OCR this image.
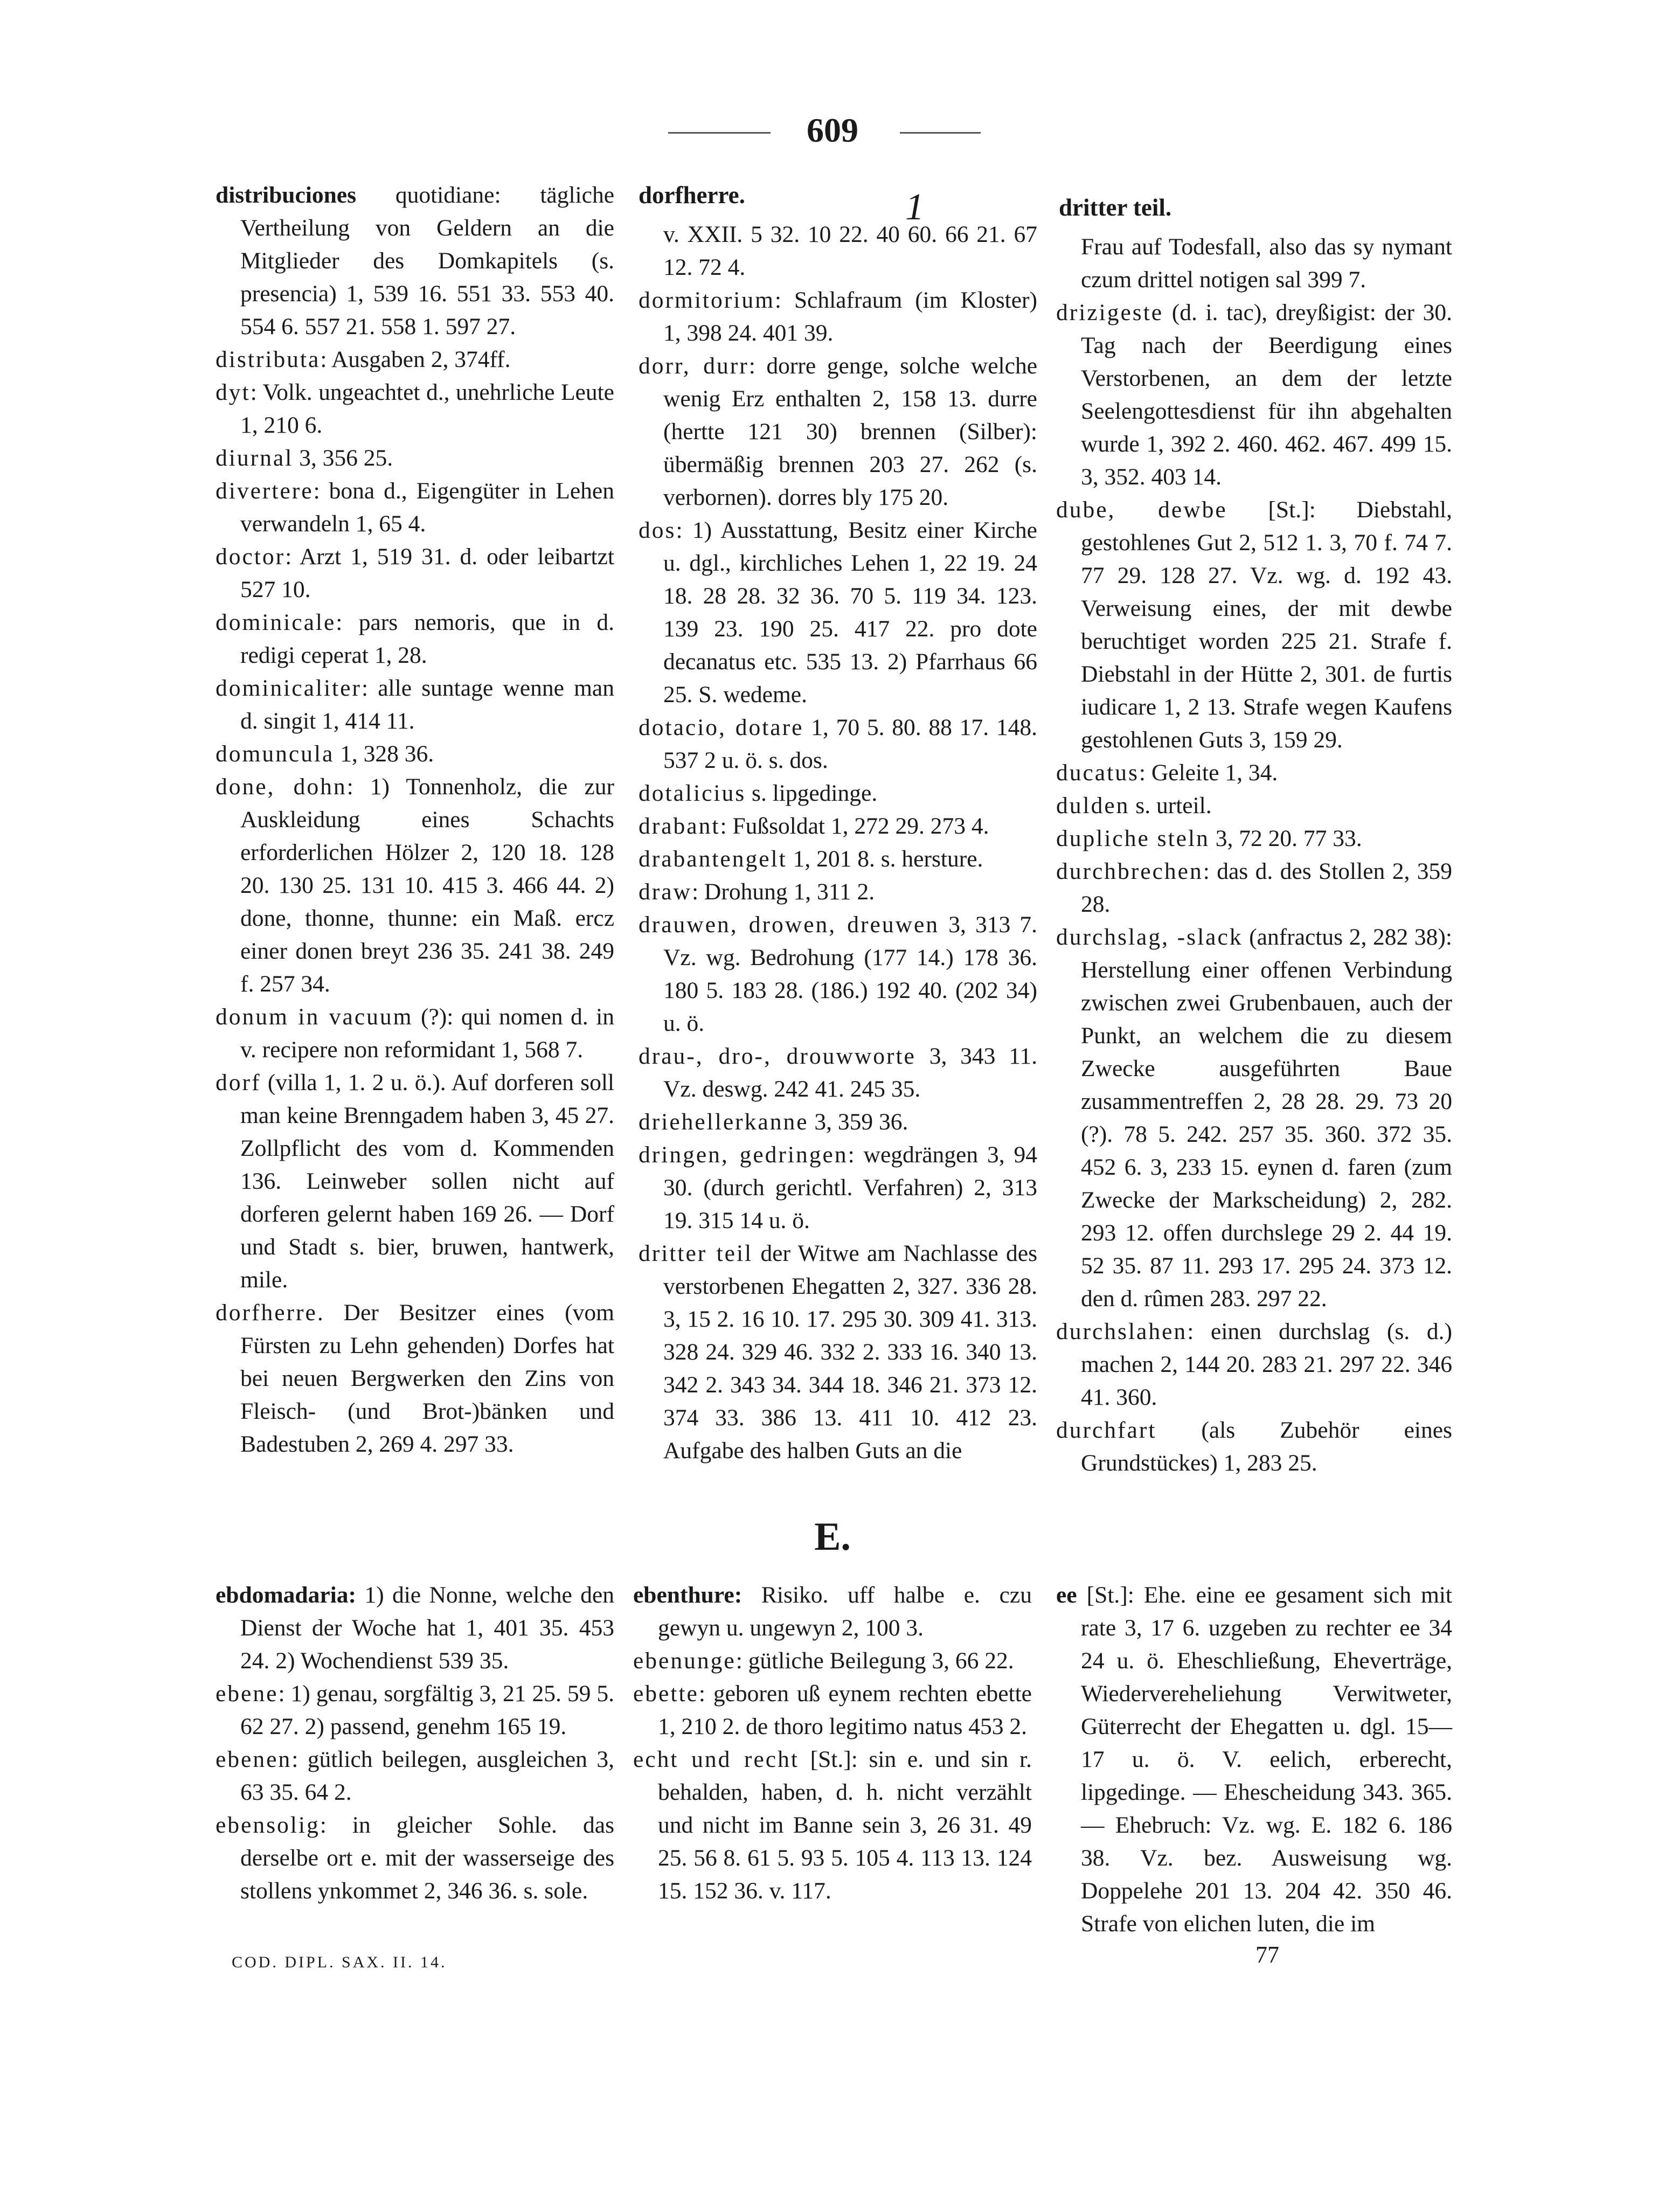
609
1

distribuciones quotidiane: tägliche Vertheilung von Geldern an die Mitglieder des Domkapitels (s. presencia) 1, 539 16. 551 33. 553 40. 554 6. 557 21. 558 1. 597 27.

distributa: Ausgaben 2, 374ff.

dyt: Volk. ungeachtet d., unehrliche Leute 1, 210 6.

diurnal 3, 356 25.

divertere: bona d., Eigengüter in Lehen verwandeln 1, 65 4.

doctor: Arzt 1, 519 31. d. oder leibartzt 527 10.

dominicale: pars nemoris, que in d. redigi ceperat 1, 28.

dominicaliter: alle suntage wenne man d. singit 1, 414 11.

domuncula 1, 328 36.

done, dohn: 1) Tonnenholz, die zur Auskleidung eines Schachts erforderlichen Hölzer 2, 120 18. 128 20. 130 25. 131 10. 415 3. 466 44. 2) done, thonne, thunne: ein Maß. ercz einer donen breyt 236 35. 241 38. 249 f. 257 34.

donum in vacuum (?): qui nomen d. in v. recipere non reformidant 1, 568 7.

dorf (villa 1, 1. 2 u. ö.). Auf dorferen soll man keine Brenngadem haben 3, 45 27. Zollpflicht des vom d. Kommenden 136. Leinweber sollen nicht auf dorferen gelernt haben 169 26. — Dorf und Stadt s. bier, bruwen, hantwerk, mile.

dorfherre. Der Besitzer eines (vom Fürsten zu Lehn gehenden) Dorfes hat bei neuen Bergwerken den Zins von Fleisch- (und Brot-)bänken und Badestuben 2, 269 4. 297 33.

dorfherre.

v. XXII. 5 32. 10 22. 40 60. 66 21. 67 12. 72 4.

dormitorium: Schlafraum (im Kloster) 1, 398 24. 401 39.

dorr, durr: dorre genge, solche welche wenig Erz enthalten 2, 158 13. durre (hertte 121 30) brennen (Silber): übermäßig brennen 203 27. 262 (s. verbornen). dorres bly 175 20.

dos: 1) Ausstattung, Besitz einer Kirche u. dgl., kirchliches Lehen 1, 22 19. 24 18. 28 28. 32 36. 70 5. 119 34. 123. 139 23. 190 25. 417 22. pro dote decanatus etc. 535 13. 2) Pfarrhaus 66 25. S. wedeme.

dotacio, dotare 1, 70 5. 80. 88 17. 148. 537 2 u. ö. s. dos.

dotalicius s. lipgedinge.

drabant: Fußsoldat 1, 272 29. 273 4.

drabantengelt 1, 201 8. s. hersture.

draw: Drohung 1, 311 2.

drauwen, drowen, dreuwen 3, 313 7. Vz. wg. Bedrohung (177 14.) 178 36. 180 5. 183 28. (186.) 192 40. (202 34) u. ö.

drau-, dro-, drouwworte 3, 343 11. Vz. deswg. 242 41. 245 35.

driehellerkanne 3, 359 36.

dringen, gedringen: wegdrängen 3, 94 30. (durch gerichtl. Verfahren) 2, 313 19. 315 14 u. ö.

dritter teil der Witwe am Nachlasse des verstorbenen Ehegatten 2, 327. 336 28. 3, 15 2. 16 10. 17. 295 30. 309 41. 313. 328 24. 329 46. 332 2. 333 16. 340 13. 342 2. 343 34. 344 18. 346 21. 373 12. 374 33. 386 13. 411 10. 412 23. Aufgabe des halben Guts an die

dritter teil.

Frau auf Todesfall, also das sy nymant czum drittel notigen sal 399 7.

drizigeste (d. i. tac), dreyßigist: der 30. Tag nach der Beerdigung eines Verstorbenen, an dem der letzte Seelengottesdienst für ihn abgehalten wurde 1, 392 2. 460. 462. 467. 499 15. 3, 352. 403 14.

dube, dewbe [St.]: Diebstahl, gestohlenes Gut 2, 512 1. 3, 70 f. 74 7. 77 29. 128 27. Vz. wg. d. 192 43. Verweisung eines, der mit dewbe beruchtiget worden 225 21. Strafe f. Diebstahl in der Hütte 2, 301. de furtis iudicare 1, 2 13. Strafe wegen Kaufens gestohlenen Guts 3, 159 29.

ducatus: Geleite 1, 34.

dulden s. urteil.

dupliche steln 3, 72 20. 77 33.

durchbrechen: das d. des Stollen 2, 359 28.

durchslag, -slack (anfractus 2, 282 38): Herstellung einer offenen Verbindung zwischen zwei Grubenbauen, auch der Punkt, an welchem die zu diesem Zwecke ausgeführten Baue zusammentreffen 2, 28 28. 29. 73 20 (?). 78 5. 242. 257 35. 360. 372 35. 452 6. 3, 233 15. eynen d. faren (zum Zwecke der Markscheidung) 2, 282. 293 12. offen durchslege 29 2. 44 19. 52 35. 87 11. 293 17. 295 24. 373 12. den d. rûmen 283. 297 22.

durchslahen: einen durchslag (s. d.) machen 2, 144 20. 283 21. 297 22. 346 41. 360.

durchfart (als Zubehör eines Grundstückes) 1, 283 25.

E.

ebdomadaria: 1) die Nonne, welche den Dienst der Woche hat 1, 401 35. 453 24. 2) Wochendienst 539 35.

ebene: 1) genau, sorgfältig 3, 21 25. 59 5. 62 27. 2) passend, genehm 165 19.

ebenen: gütlich beilegen, ausgleichen 3, 63 35. 64 2.

ebensolig: in gleicher Sohle. das derselbe ort e. mit der wasserseige des stollens ynkommet 2, 346 36. s. sole.

ebenthure: Risiko. uff halbe e. czu gewyn u. ungewyn 2, 100 3.

ebenunge: gütliche Beilegung 3, 66 22.

ebette: geboren uß eynem rechten ebette 1, 210 2. de thoro legitimo natus 453 2.

echt und recht [St.]: sin e. und sin r. behalden, haben, d. h. nicht verzählt und nicht im Banne sein 3, 26 31. 49 25. 56 8. 61 5. 93 5. 105 4. 113 13. 124 15. 152 36. v. 117.

ee [St.]: Ehe. eine ee gesament sich mit rate 3, 17 6. uzgeben zu rechter ee 34 24 u. ö. Eheschließung, Eheverträge, Wiedervereheliehung Verwitweter, Güterrecht der Ehegatten u. dgl. 15—17 u. ö. V. eelich, erberecht, lipgedinge. — Ehescheidung 343. 365. — Ehebruch: Vz. wg. E. 182 6. 186 38. Vz. bez. Ausweisung wg. Doppelehe 201 13. 204 42. 350 46. Strafe von elichen luten, die im

COD. DIPL. SAX. II. 14.	77
